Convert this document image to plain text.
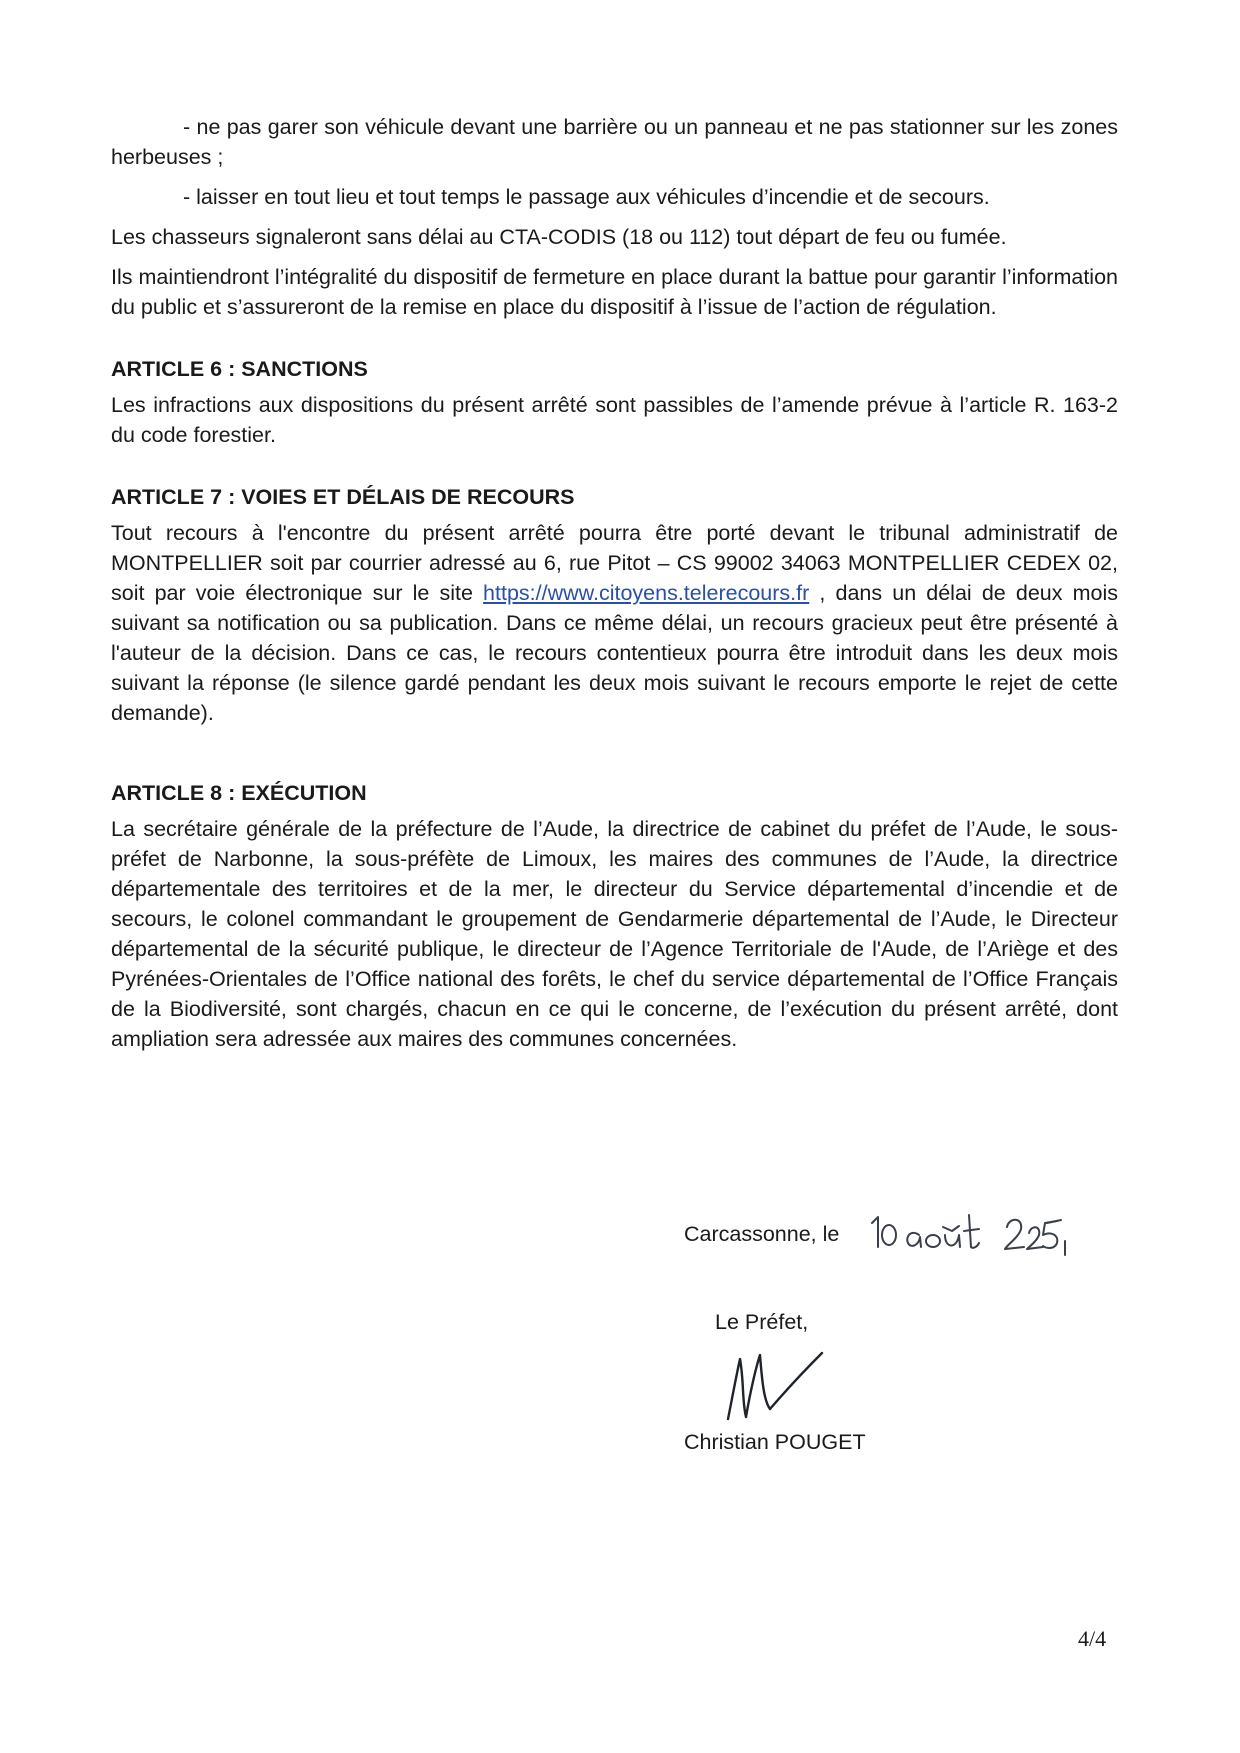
- ne pas garer son véhicule devant une barrière ou un panneau et ne pas stationner sur les zones herbeuses ;

- laisser en tout lieu et tout temps le passage aux véhicules d’incendie et de secours.

Les chasseurs signaleront sans délai au CTA-CODIS (18 ou 112) tout départ de feu ou fumée.

Ils maintiendront l’intégralité du dispositif de fermeture en place durant la battue pour garantir l’information du public et s’assureront de la remise en place du dispositif à l’issue de l’action de régulation.

ARTICLE 6 : SANCTIONS

Les infractions aux dispositions du présent arrêté sont passibles de l’amende prévue à l’article R. 163-2 du code forestier.

ARTICLE 7 : VOIES ET DÉLAIS DE RECOURS

Tout recours à l'encontre du présent arrêté pourra être porté devant le tribunal administratif de MONTPELLIER soit par courrier adressé au 6, rue Pitot – CS 99002 34063 MONTPELLIER CEDEX 02, soit par voie électronique sur le site https://www.citoyens.telerecours.fr , dans un délai de deux mois suivant sa notification ou sa publication. Dans ce même délai, un recours gracieux peut être présenté à l'auteur de la décision. Dans ce cas, le recours contentieux pourra être introduit dans les deux mois suivant la réponse (le silence gardé pendant les deux mois suivant le recours emporte le rejet de cette demande).

ARTICLE 8 : EXÉCUTION

La secrétaire générale de la préfecture de l’Aude, la directrice de cabinet du préfet de l’Aude, le sous-préfet de Narbonne, la sous-préfète de Limoux, les maires des communes de l’Aude, la directrice départementale des territoires et de la mer, le directeur du Service départemental d’incendie et de secours, le colonel commandant le groupement de Gendarmerie départemental de l’Aude, le Directeur départemental de la sécurité publique, le directeur de l’Agence Territoriale de l'Aude, de l’Ariège et des Pyrénées-Orientales de l’Office national des forêts, le chef du service départemental de l’Office Français de la Biodiversité, sont chargés, chacun en ce qui le concerne, de l’exécution du présent arrêté, dont ampliation sera adressée aux maires des communes concernées.

Carcassonne, le
Le Préfet,
Christian POUGET
4/4
